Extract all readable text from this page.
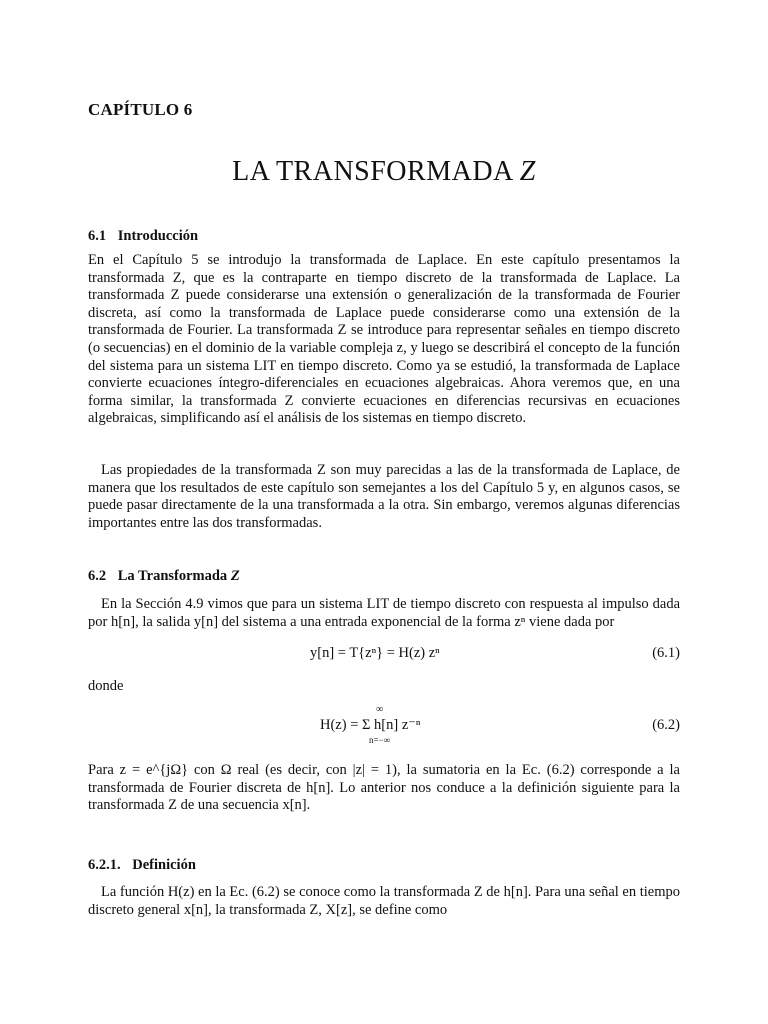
CAPÍTULO 6
LA TRANSFORMADA Z
6.1 Introducción
En el Capítulo 5 se introdujo la transformada de Laplace. En este capítulo presentamos la transformada Z, que es la contraparte en tiempo discreto de la transformada de Laplace. La transformada Z puede considerarse una extensión o generalización de la transformada de Fourier discreta, así como la transformada de Laplace puede considerarse como una extensión de la transformada de Fourier. La transformada Z se introduce para representar señales en tiempo discreto (o secuencias) en el dominio de la variable compleja z, y luego se describirá el concepto de la función del sistema para un sistema LIT en tiempo discreto. Como ya se estudió, la transformada de Laplace convierte ecuaciones íntegro-diferenciales en ecuaciones algebraicas. Ahora veremos que, en una forma similar, la transformada Z convierte ecuaciones en diferencias recursivas en ecuaciones algebraicas, simplificando así el análisis de los sistemas en tiempo discreto.
Las propiedades de la transformada Z son muy parecidas a las de la transformada de Laplace, de manera que los resultados de este capítulo son semejantes a los del Capítulo 5 y, en algunos casos, se puede pasar directamente de la una transformada a la otra. Sin embargo, veremos algunas diferencias importantes entre las dos transformadas.
6.2 La Transformada Z
En la Sección 4.9 vimos que para un sistema LIT de tiempo discreto con respuesta al impulso dada por h[n], la salida y[n] del sistema a una entrada exponencial de la forma zⁿ viene dada por
y[n] = T{zⁿ} = H(z) zⁿ	(6.1)
donde
∞
H(z) = Σ h[n] z⁻ⁿ
n=−∞
(6.2)
Para z = e^{jΩ} con Ω real (es decir, con |z| = 1), la sumatoria en la Ec. (6.2) corresponde a la transformada de Fourier discreta de h[n]. Lo anterior nos conduce a la definición siguiente para la transformada Z de una secuencia x[n].
6.2.1. Definición
La función H(z) en la Ec. (6.2) se conoce como la transformada Z de h[n]. Para una señal en tiempo discreto general x[n], la transformada Z, X[z], se define como
